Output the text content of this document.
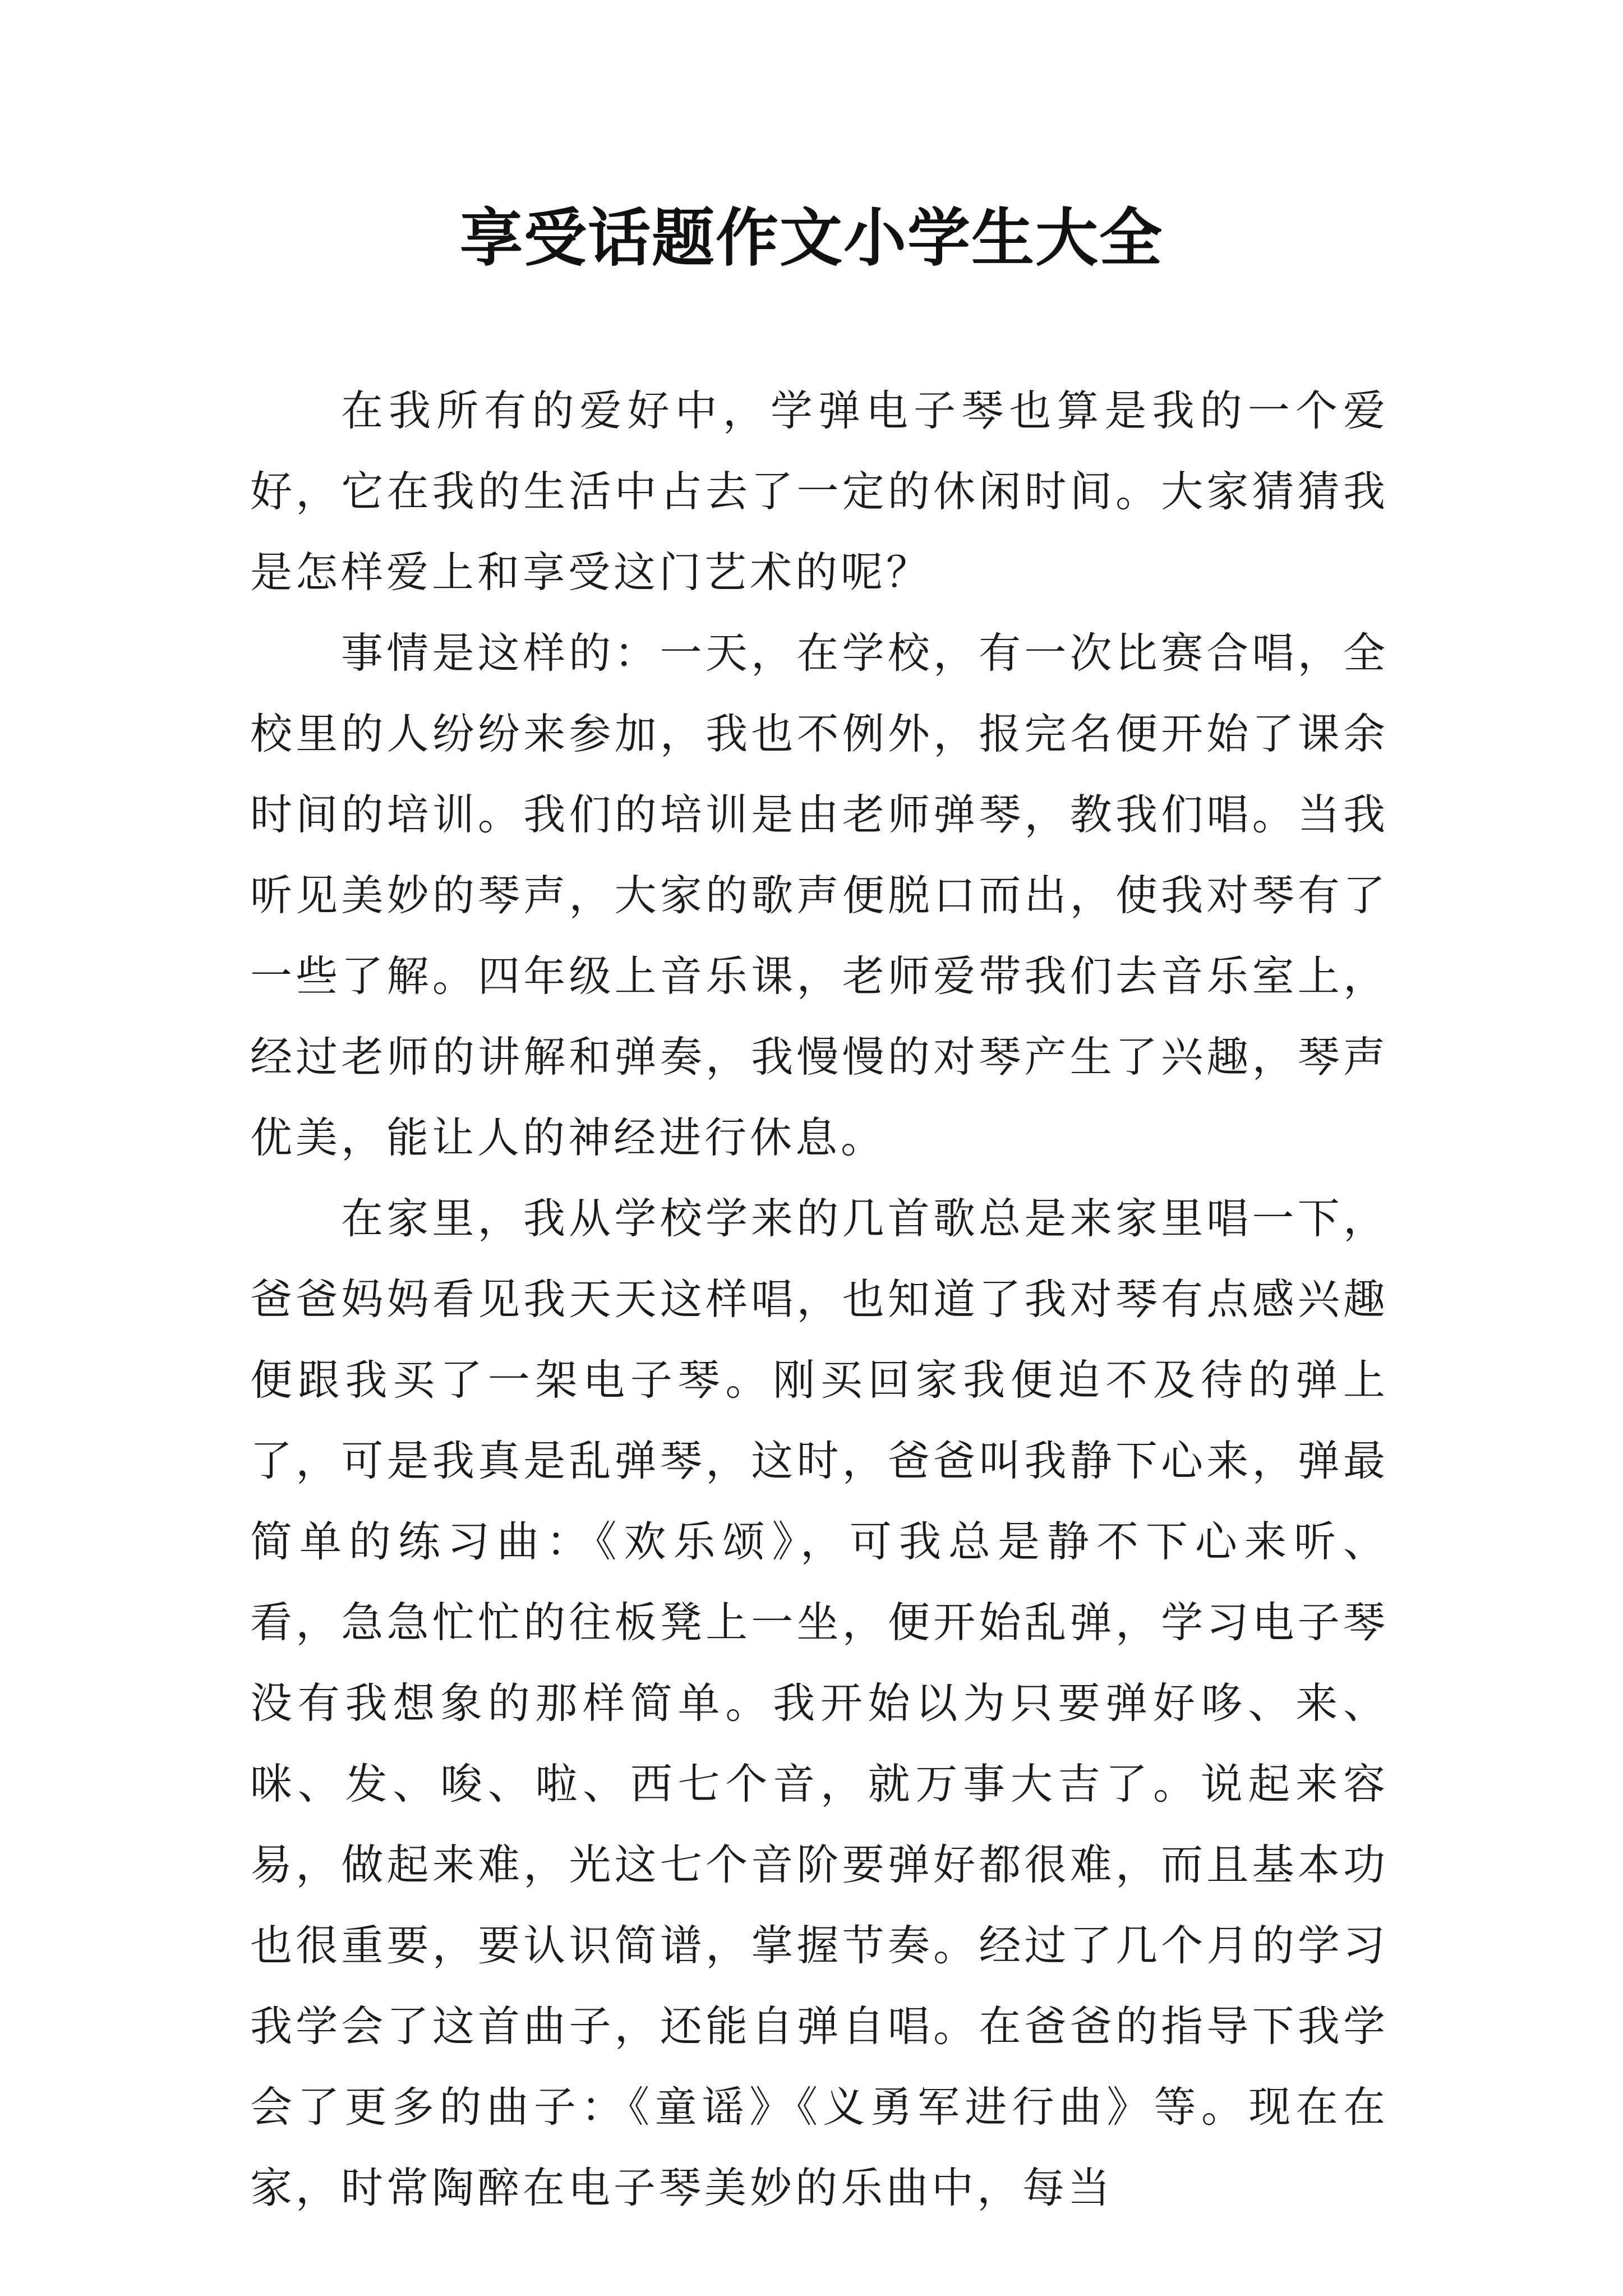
享受话题作文小学生大全

在我所有的爱好中，学弹电子琴也算是我的一个爱好，它在我的生活中占去了一定的休闲时间。大家猜猜我是怎样爱上和享受这门艺术的呢？

事情是这样的：一天，在学校，有一次比赛合唱，全校里的人纷纷来参加，我也不例外，报完名便开始了课余时间的培训。我们的培训是由老师弹琴，教我们唱。当我听见美妙的琴声，大家的歌声便脱口而出，使我对琴有了一些了解。四年级上音乐课，老师爱带我们去音乐室上，经过老师的讲解和弹奏，我慢慢的对琴产生了兴趣，琴声优美，能让人的神经进行休息。

在家里，我从学校学来的几首歌总是来家里唱一下，爸爸妈妈看见我天天这样唱，也知道了我对琴有点感兴趣便跟我买了一架电子琴。刚买回家我便迫不及待的弹上了，可是我真是乱弹琴，这时，爸爸叫我静下心来，弹最简单的练习曲：《欢乐颂》，可我总是静不下心来听、看，急急忙忙的往板凳上一坐，便开始乱弹，学习电子琴没有我想象的那样简单。我开始以为只要弹好哆、来、咪、发、唆、啦、西七个音，就万事大吉了。说起来容易，做起来难，光这七个音阶要弹好都很难，而且基本功也很重要，要认识简谱，掌握节奏。经过了几个月的学习我学会了这首曲子，还能自弹自唱。在爸爸的指导下我学会了更多的曲子：《童谣》《义勇军进行曲》等。现在在家，时常陶醉在电子琴美妙的乐曲中，每当
